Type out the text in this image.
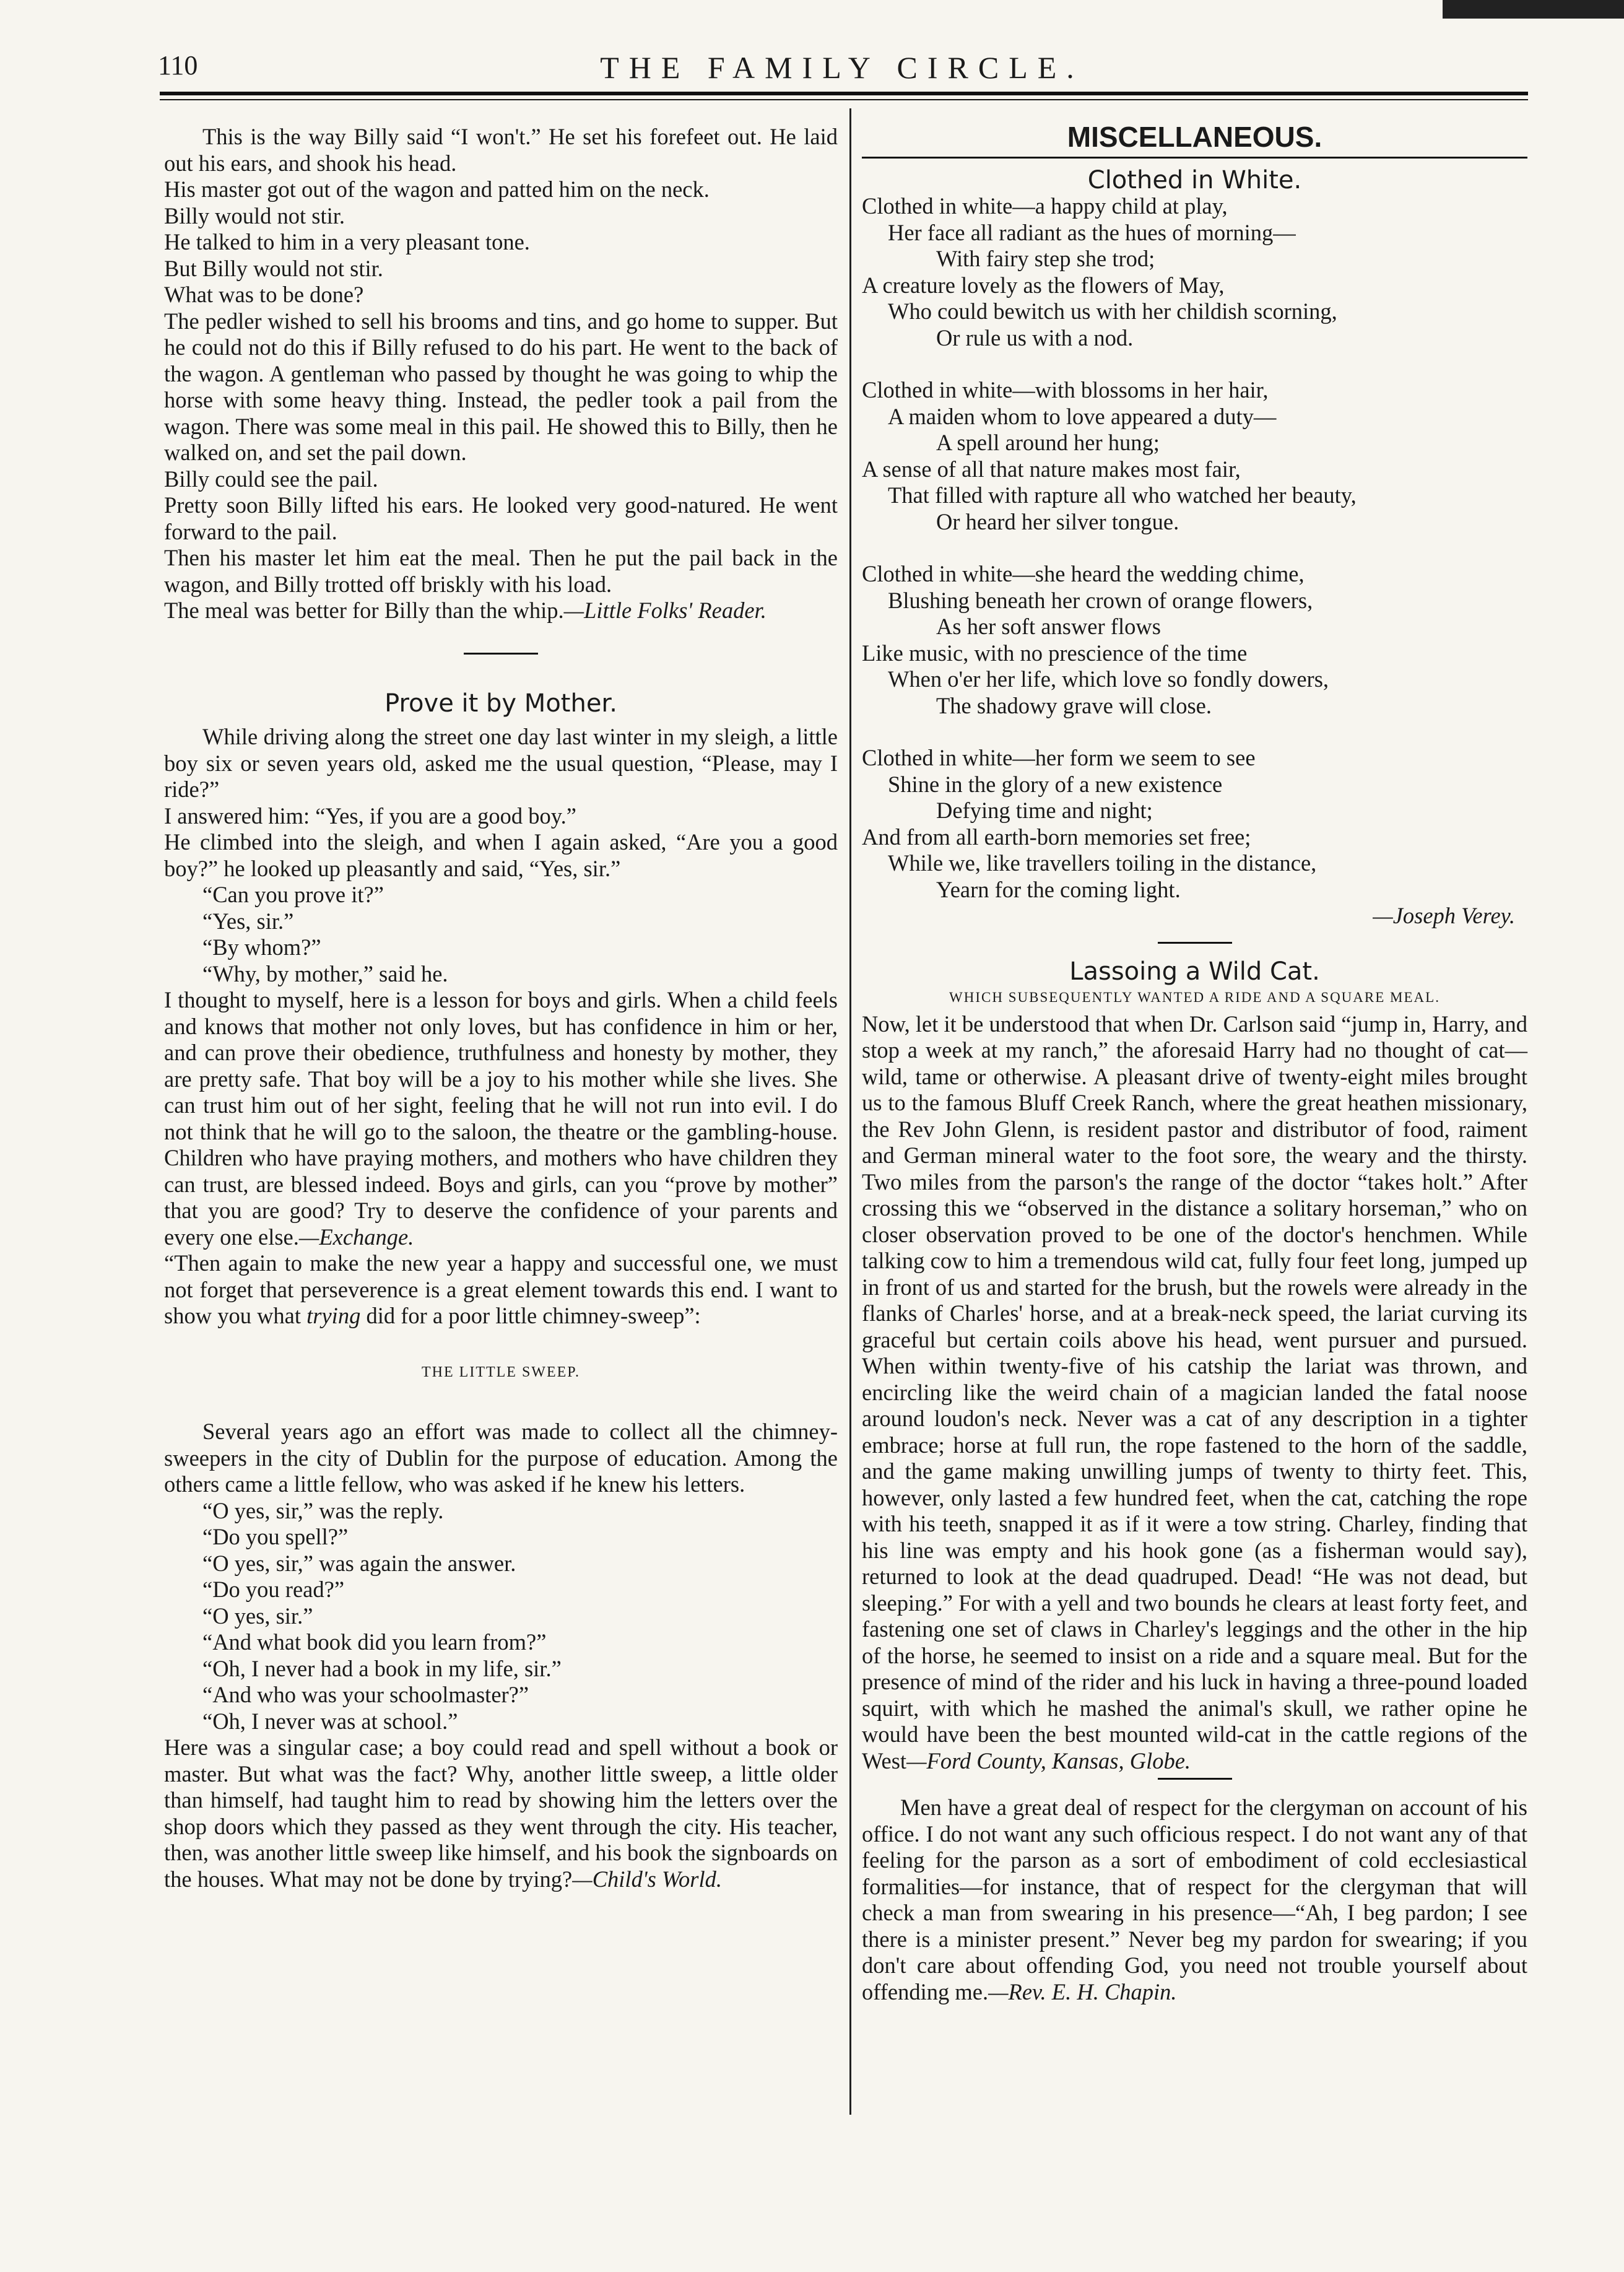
110	THE FAMILY CIRCLE.

This is the way Billy said “I won't.” He set his forefeet out. He laid out his ears, and shook his head.

His master got out of the wagon and patted him on the neck.

Billy would not stir.

He talked to him in a very pleasant tone.

But Billy would not stir.

What was to be done?

The pedler wished to sell his brooms and tins, and go home to supper. But he could not do this if Billy refused to do his part. He went to the back of the wagon. A gentleman who passed by thought he was going to whip the horse with some heavy thing. Instead, the pedler took a pail from the wagon. There was some meal in this pail. He showed this to Billy, then he walked on, and set the pail down.

Billy could see the pail.

Pretty soon Billy lifted his ears. He looked very good-natured. He went forward to the pail.

Then his master let him eat the meal. Then he put the pail back in the wagon, and Billy trotted off briskly with his load.

The meal was better for Billy than the whip.—Little Folks' Reader.

Prove it by Mother.

While driving along the street one day last winter in my sleigh, a little boy six or seven years old, asked me the usual question, “Please, may I ride?”

I answered him: “Yes, if you are a good boy.”

He climbed into the sleigh, and when I again asked, “Are you a good boy?” he looked up pleasantly and said, “Yes, sir.”

“Can you prove it?”

“Yes, sir.”

“By whom?”

“Why, by mother,” said he.

I thought to myself, here is a lesson for boys and girls. When a child feels and knows that mother not only loves, but has confidence in him or her, and can prove their obedience, truthfulness and honesty by mother, they are pretty safe. That boy will be a joy to his mother while she lives. She can trust him out of her sight, feeling that he will not run into evil. I do not think that he will go to the saloon, the theatre or the gambling-house. Children who have praying mothers, and mothers who have children they can trust, are blessed indeed. Boys and girls, can you “prove by mother” that you are good? Try to deserve the confidence of your parents and every one else.—Exchange.

“Then again to make the new year a happy and successful one, we must not forget that perseverence is a great element towards this end. I want to show you what trying did for a poor little chimney-sweep”:

THE LITTLE SWEEP.

Several years ago an effort was made to collect all the chimney-sweepers in the city of Dublin for the purpose of education. Among the others came a little fellow, who was asked if he knew his letters.

“O yes, sir,” was the reply.

“Do you spell?”

“O yes, sir,” was again the answer.

“Do you read?”

“O yes, sir.”

“And what book did you learn from?”

“Oh, I never had a book in my life, sir.”

“And who was your schoolmaster?”

“Oh, I never was at school.”

Here was a singular case; a boy could read and spell without a book or master. But what was the fact? Why, another little sweep, a little older than himself, had taught him to read by showing him the letters over the shop doors which they passed as they went through the city. His teacher, then, was another little sweep like himself, and his book the signboards on the houses. What may not be done by trying?—Child's World.

MISCELLANEOUS.

Clothed in White.

Clothed in white—a happy child at play,

Her face all radiant as the hues of morning—

With fairy step she trod;

A creature lovely as the flowers of May,

Who could bewitch us with her childish scorning,

Or rule us with a nod.

Clothed in white—with blossoms in her hair,

A maiden whom to love appeared a duty—

A spell around her hung;

A sense of all that nature makes most fair,

That filled with rapture all who watched her beauty,

Or heard her silver tongue.

Clothed in white—she heard the wedding chime,

Blushing beneath her crown of orange flowers,

As her soft answer flows

Like music, with no prescience of the time

When o'er her life, which love so fondly dowers,

The shadowy grave will close.

Clothed in white—her form we seem to see

Shine in the glory of a new existence

Defying time and night;

And from all earth-born memories set free;

While we, like travellers toiling in the distance,

Yearn for the coming light.

—Joseph Verey.

Lassoing a Wild Cat.

WHICH SUBSEQUENTLY WANTED A RIDE AND A SQUARE MEAL.

Now, let it be understood that when Dr. Carlson said “jump in, Harry, and stop a week at my ranch,” the aforesaid Harry had no thought of cat—wild, tame or otherwise. A pleasant drive of twenty-eight miles brought us to the famous Bluff Creek Ranch, where the great heathen missionary, the Rev John Glenn, is resident pastor and distributor of food, raiment and German mineral water to the foot sore, the weary and the thirsty. Two miles from the parson's the range of the doctor “takes holt.” After crossing this we “observed in the distance a solitary horseman,” who on closer observation proved to be one of the doctor's henchmen. While talking cow to him a tremendous wild cat, fully four feet long, jumped up in front of us and started for the brush, but the rowels were already in the flanks of Charles' horse, and at a break-neck speed, the lariat curving its graceful but certain coils above his head, went pursuer and pursued. When within twenty-five of his catship the lariat was thrown, and encircling like the weird chain of a magician landed the fatal noose around loudon's neck. Never was a cat of any description in a tighter embrace; horse at full run, the rope fastened to the horn of the saddle, and the game making unwilling jumps of twenty to thirty feet. This, however, only lasted a few hundred feet, when the cat, catching the rope with his teeth, snapped it as if it were a tow string. Charley, finding that his line was empty and his hook gone (as a fisherman would say), returned to look at the dead quadruped. Dead! “He was not dead, but sleeping.” For with a yell and two bounds he clears at least forty feet, and fastening one set of claws in Charley's leggings and the other in the hip of the horse, he seemed to insist on a ride and a square meal. But for the presence of mind of the rider and his luck in having a three-pound loaded squirt, with which he mashed the animal's skull, we rather opine he would have been the best mounted wild-cat in the cattle regions of the West—Ford County, Kansas, Globe.

Men have a great deal of respect for the clergyman on account of his office. I do not want any such officious respect. I do not want any of that feeling for the parson as a sort of embodiment of cold ecclesiastical formalities—for instance, that of respect for the clergyman that will check a man from swearing in his presence—“Ah, I beg pardon; I see there is a minister present.” Never beg my pardon for swearing; if you don't care about offending God, you need not trouble yourself about offending me.—Rev. E. H. Chapin.
